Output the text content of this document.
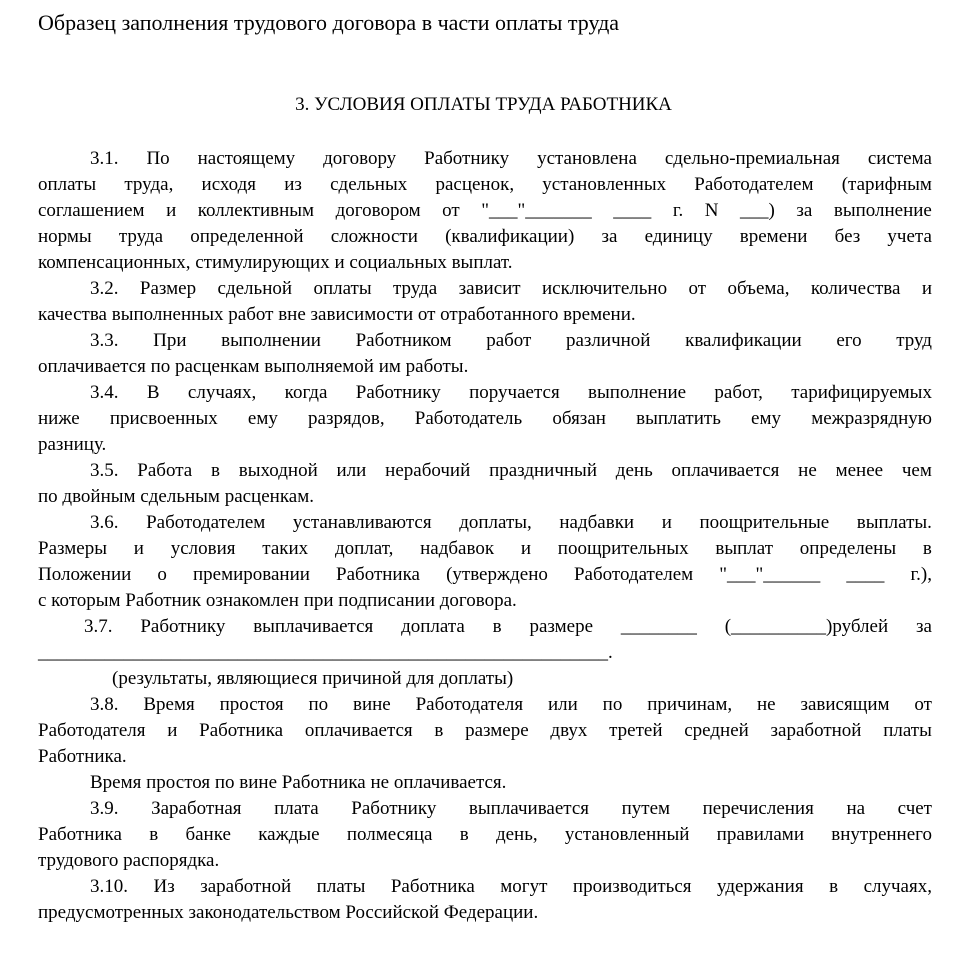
Образец заполнения трудового договора в части оплаты труда
3. УСЛОВИЯ ОПЛАТЫ ТРУДА РАБОТНИКА
3.1. По настоящему договору Работнику установлена сдельно-премиальная система
оплаты труда, исходя из сдельных расценок, установленных Работодателем (тарифным
соглашением и коллективным договором от "___"_______ ____ г. N ___) за выполнение
нормы труда определенной сложности (квалификации) за единицу времени без учета
компенсационных, стимулирующих и социальных выплат.
3.2. Размер сдельной оплаты труда зависит исключительно от объема, количества и
качества выполненных работ вне зависимости от отработанного времени.
3.3. При выполнении Работником работ различной квалификации его труд
оплачивается по расценкам выполняемой им работы.
3.4. В случаях, когда Работнику поручается выполнение работ, тарифицируемых
ниже присвоенных ему разрядов, Работодатель обязан выплатить ему межразрядную
разницу.
3.5. Работа в выходной или нерабочий праздничный день оплачивается не менее чем
по двойным сдельным расценкам.
3.6. Работодателем устанавливаются доплаты, надбавки и поощрительные выплаты.
Размеры и условия таких доплат, надбавок и поощрительных выплат определены в
Положении о премировании Работника (утверждено Работодателем "___"______ ____ г.),
с которым Работник ознакомлен при подписании договора.
3.7. Работнику выплачивается доплата в размере ________ (__________)рублей за
____________________________________________________________.
(результаты, являющиеся причиной для доплаты)
3.8. Время простоя по вине Работодателя или по причинам, не зависящим от
Работодателя и Работника оплачивается в размере двух третей средней заработной платы
Работника.
Время простоя по вине Работника не оплачивается.
3.9. Заработная плата Работнику выплачивается путем перечисления на счет
Работника в банке каждые полмесяца в день, установленный правилами внутреннего
трудового распорядка.
3.10. Из заработной платы Работника могут производиться удержания в случаях,
предусмотренных законодательством Российской Федерации.
